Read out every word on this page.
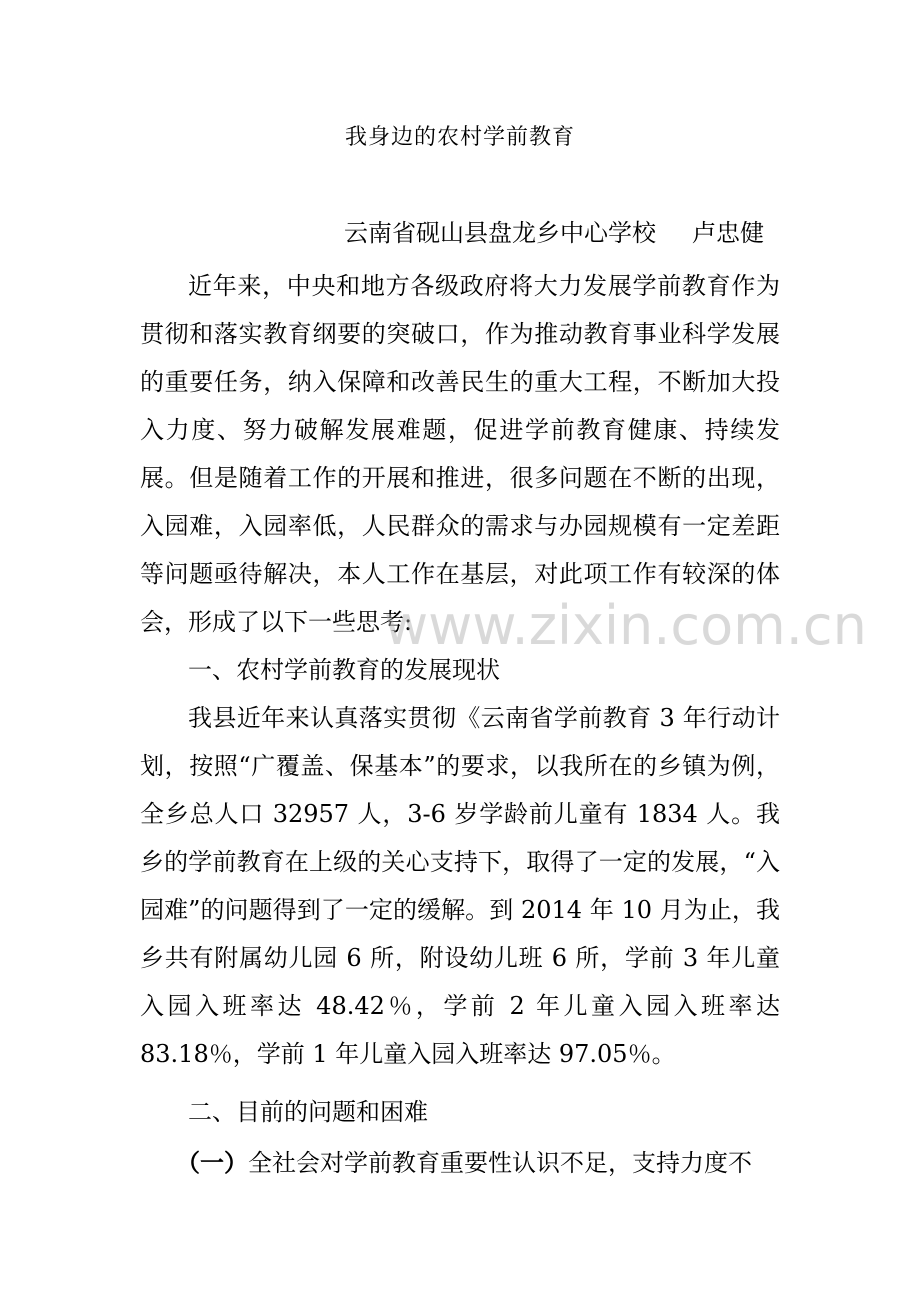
我身边的农村学前教育
云南省砚山县盘龙乡中心学校 卢忠健

近年来，中央和地方各级政府将大力发展学前教育作为贯彻和落实教育纲要的突破口，作为推动教育事业科学发展的重要任务，纳入保障和改善民生的重大工程，不断加大投入力度、努力破解发展难题，促进学前教育健康、持续发展。但是随着工作的开展和推进，很多问题在不断的出现，入园难，入园率低，人民群众的需求与办园规模有一定差距等问题亟待解决，本人工作在基层，对此项工作有较深的体会，形成了以下一些思考:

一、农村学前教育的发展现状

我县近年来认真落实贯彻《云南省学前教育 3 年行动计划，按照“广覆盖、保基本”的要求，以我所在的乡镇为例，全乡总人口 32957 人，3-6 岁学龄前儿童有 1834 人。我乡的学前教育在上级的关心支持下，取得了一定的发展，“入园难”的问题得到了一定的缓解。到 2014 年 10 月为止，我乡共有附属幼儿园 6 所，附设幼儿班 6 所，学前 3 年儿童入园入班率达 48.42％，学前 2 年儿童入园入班率达 83.18％，学前 1 年儿童入园入班率达 97.05％。

二、目前的问题和困难

（一）全社会对学前教育重要性认识不足，支持力度不

www.zixin.com.cn
